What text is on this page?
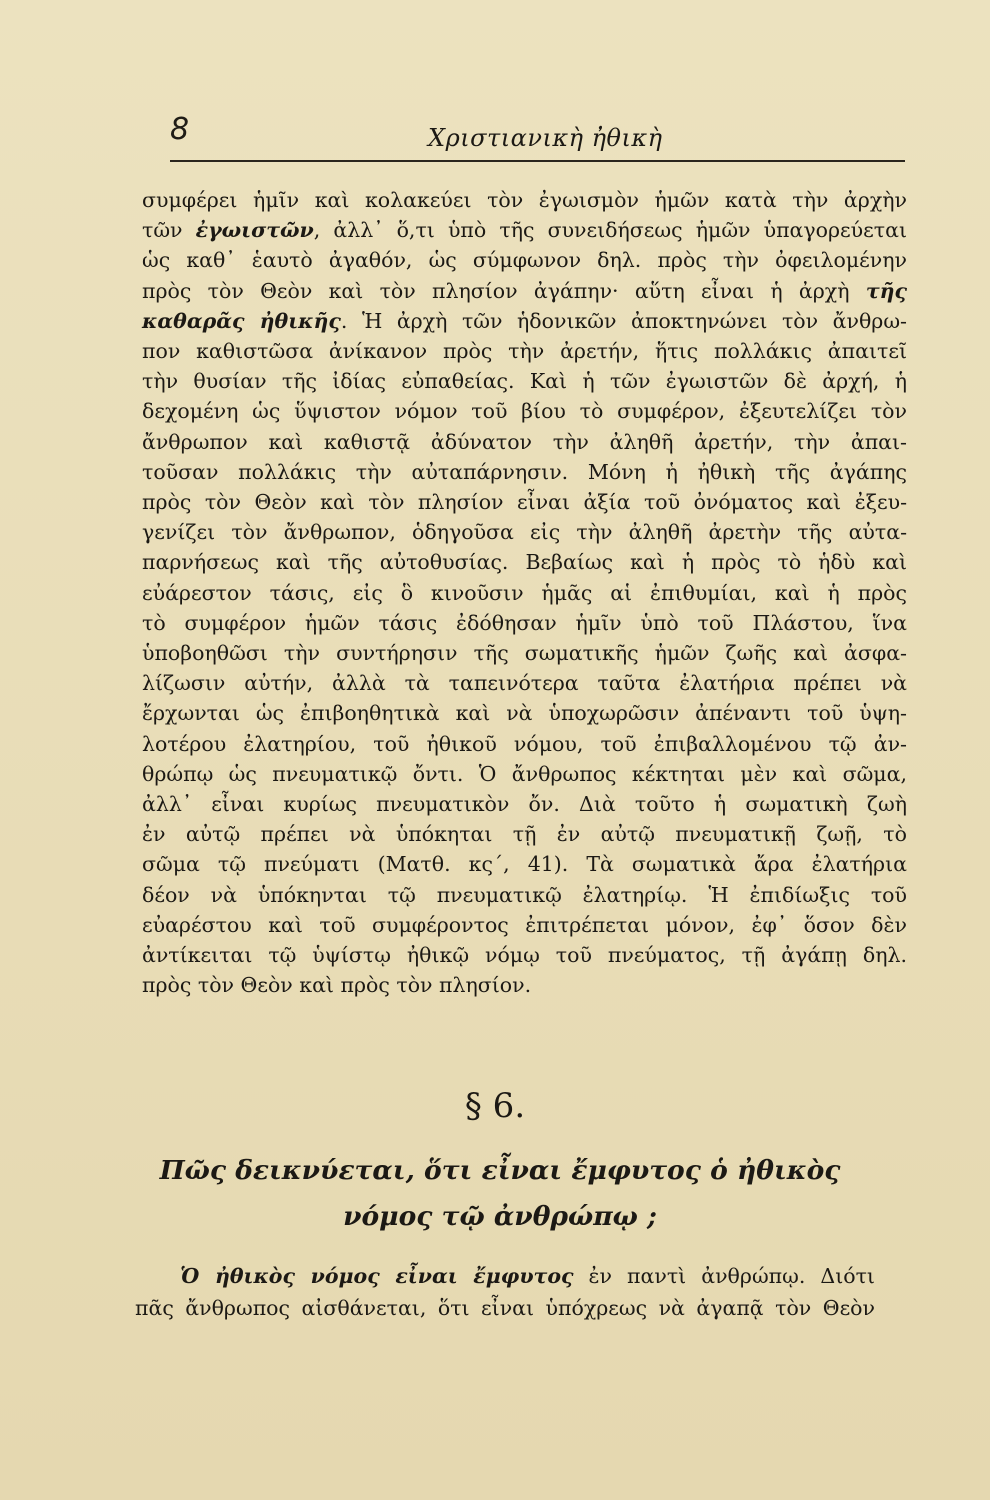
8	Χριστιανικὴ ἠθικὴ

συμφέρει ἡμῖν καὶ κολακεύει τὸν ἐγωισμὸν ἡμῶν κατὰ τὴν ἀρχὴν
τῶν ἐγωιστῶν, ἀλλ᾽ ὅ,τι ὑπὸ τῆς συνειδήσεως ἡμῶν ὑπαγορεύεται
ὡς καθ᾽ ἑαυτὸ ἀγαθόν, ὡς σύμφωνον δηλ. πρὸς τὴν ὀφειλομένην
πρὸς τὸν Θεὸν καὶ τὸν πλησίον ἀγάπην· αὕτη εἶναι ἡ ἀρχὴ τῆς
καθαρᾶς ἠθικῆς. Ἡ ἀρχὴ τῶν ἡδονικῶν ἀποκτηνώνει τὸν ἄνθρω-
πον καθιστῶσα ἀνίκανον πρὸς τὴν ἀρετήν, ἥτις πολλάκις ἀπαιτεῖ
τὴν θυσίαν τῆς ἰδίας εὐπαθείας. Καὶ ἡ τῶν ἐγωιστῶν δὲ ἀρχή, ἡ
δεχομένη ὡς ὕψιστον νόμον τοῦ βίου τὸ συμφέρον, ἐξευτελίζει τὸν
ἄνθρωπον καὶ καθιστᾷ ἀδύνατον τὴν ἀληθῆ ἀρετήν, τὴν ἀπαι-
τοῦσαν πολλάκις τὴν αὐταπάρνησιν. Μόνη ἡ ἠθικὴ τῆς ἀγάπης
πρὸς τὸν Θεὸν καὶ τὸν πλησίον εἶναι ἀξία τοῦ ὀνόματος καὶ ἐξευ-
γενίζει τὸν ἄνθρωπον, ὁδηγοῦσα εἰς τὴν ἀληθῆ ἀρετὴν τῆς αὐτα-
παρνήσεως καὶ τῆς αὐτοθυσίας. Βεβαίως καὶ ἡ πρὸς τὸ ἡδὺ καὶ
εὐάρεστον τάσις, εἰς ὃ κινοῦσιν ἡμᾶς αἱ ἐπιθυμίαι, καὶ ἡ πρὸς
τὸ συμφέρον ἡμῶν τάσις ἐδόθησαν ἡμῖν ὑπὸ τοῦ Πλάστου, ἵνα
ὑποβοηθῶσι τὴν συντήρησιν τῆς σωματικῆς ἡμῶν ζωῆς καὶ ἀσφα-
λίζωσιν αὐτήν, ἀλλὰ τὰ ταπεινότερα ταῦτα ἐλατήρια πρέπει νὰ
ἔρχωνται ὡς ἐπιβοηθητικὰ καὶ νὰ ὑποχωρῶσιν ἀπέναντι τοῦ ὑψη-
λοτέρου ἐλατηρίου, τοῦ ἠθικοῦ νόμου, τοῦ ἐπιβαλλομένου τῷ ἀν-
θρώπῳ ὡς πνευματικῷ ὄντι. Ὁ ἄνθρωπος κέκτηται μὲν καὶ σῶμα,
ἀλλ᾽ εἶναι κυρίως πνευματικὸν ὄν. Διὰ τοῦτο ἡ σωματικὴ ζωὴ
ἐν αὐτῷ πρέπει νὰ ὑπόκηται τῇ ἐν αὐτῷ πνευματικῇ ζωῇ, τὸ
σῶμα τῷ πνεύματι (Ματθ. κς´, 41). Τὰ σωματικὰ ἄρα ἐλατήρια
δέον νὰ ὑπόκηνται τῷ πνευματικῷ ἐλατηρίῳ. Ἡ ἐπιδίωξις τοῦ
εὐαρέστου καὶ τοῦ συμφέροντος ἐπιτρέπεται μόνον, ἐφ᾽ ὅσον δὲν
ἀντίκειται τῷ ὑψίστῳ ἠθικῷ νόμῳ τοῦ πνεύματος, τῇ ἀγάπῃ δηλ.
πρὸς τὸν Θεὸν καὶ πρὸς τὸν πλησίον.

§ 6.
Πῶς δεικνύεται, ὅτι εἶναι ἔμφυτος ὁ ἠθικὸς
νόμος τῷ ἀνθρώπῳ ;

Ὁ ἠθικὸς νόμος εἶναι ἔμφυτος ἐν παντὶ ἀνθρώπῳ. Διότι
πᾶς ἄνθρωπος αἰσθάνεται, ὅτι εἶναι ὑπόχρεως νὰ ἀγαπᾷ τὸν Θεὸν
